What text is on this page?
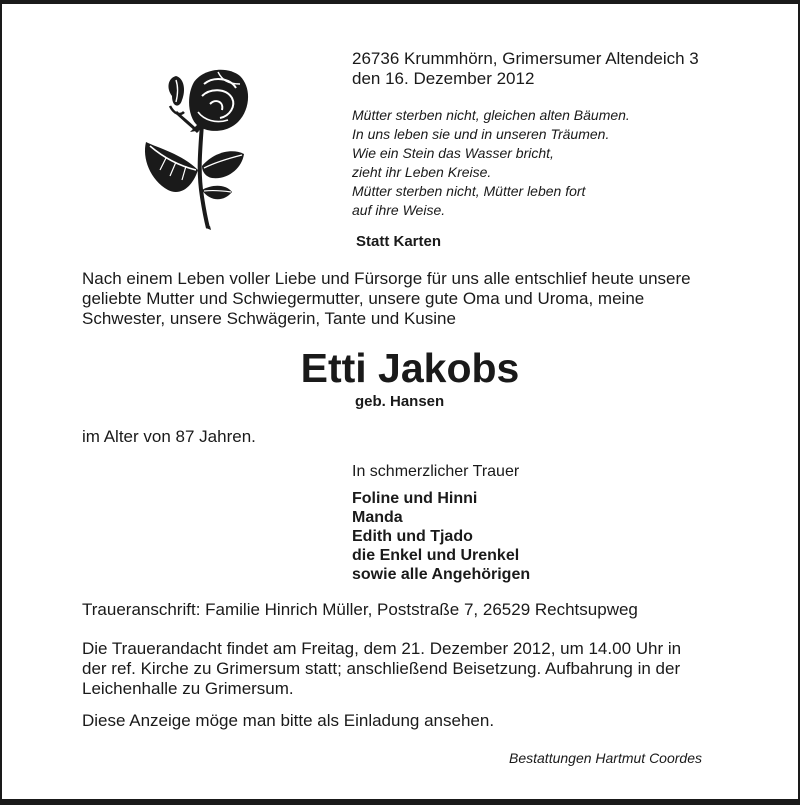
26736 Krummhörn, Grimersumer Altendeich 3
den 16. Dezember 2012
Mütter sterben nicht, gleichen alten Bäumen.
In uns leben sie und in unseren Träumen.
Wie ein Stein das Wasser bricht,
zieht ihr Leben Kreise.
Mütter sterben nicht, Mütter leben fort
auf ihre Weise.
Statt Karten
Nach einem Leben voller Liebe und Fürsorge für uns alle entschlief heute unsere
geliebte Mutter und Schwiegermutter, unsere gute Oma und Uroma, meine
Schwester, unsere Schwägerin, Tante und Kusine
Etti Jakobs
geb. Hansen
im Alter von 87 Jahren.
In schmerzlicher Trauer
Foline und Hinni
Manda
Edith und Tjado
die Enkel und Urenkel
sowie alle Angehörigen
Traueranschrift: Familie Hinrich Müller, Poststraße 7, 26529 Rechtsupweg
Die Trauerandacht findet am Freitag, dem 21. Dezember 2012, um 14.00 Uhr in
der ref. Kirche zu Grimersum statt; anschließend Beisetzung. Aufbahrung in der
Leichenhalle zu Grimersum.
Diese Anzeige möge man bitte als Einladung ansehen.
Bestattungen Hartmut Coordes
